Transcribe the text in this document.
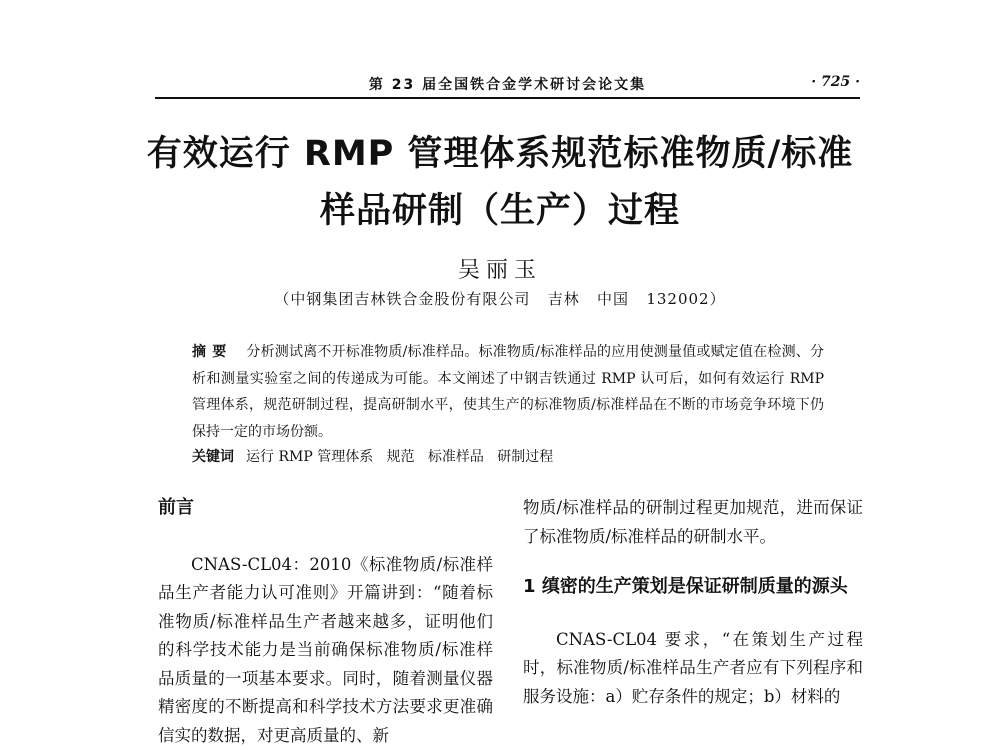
第 23 届全国铁合金学术研讨会论文集	· 725 ·
有效运行 RMP 管理体系规范标准物质/标准
样品研制（生产）过程
吴丽玉
（中钢集团吉林铁合金股份有限公司   吉林   中国   132002）
摘要 分析测试离不开标准物质/标准样品。标准物质/标准样品的应用使测量值或赋定值在检测、分析和测量实验室之间的传递成为可能。本文阐述了中钢吉铁通过 RMP 认可后，如何有效运行 RMP 管理体系，规范研制过程，提高研制水平，使其生产的标准物质/标准样品在不断的市场竞争环境下仍保持一定的市场份额。
关键词 运行 RMP 管理体系   规范   标准样品   研制过程
前言
CNAS-CL04：2010《标准物质/标准样品生产者能力认可准则》开篇讲到：“随着标准物质/标准样品生产者越来越多，证明他们的科学技术能力是当前确保标准物质/标准样品质量的一项基本要求。同时，随着测量仪器精密度的不断提高和科学技术方法要求更准确信实的数据，对更高质量的、新
物质/标准样品的研制过程更加规范，进而保证了标准物质/标准样品的研制水平。
1 缜密的生产策划是保证研制质量的源头
CNAS-CL04 要求，“在策划生产过程时，标准物质/标准样品生产者应有下列程序和服务设施：a）贮存条件的规定；b）材料的
